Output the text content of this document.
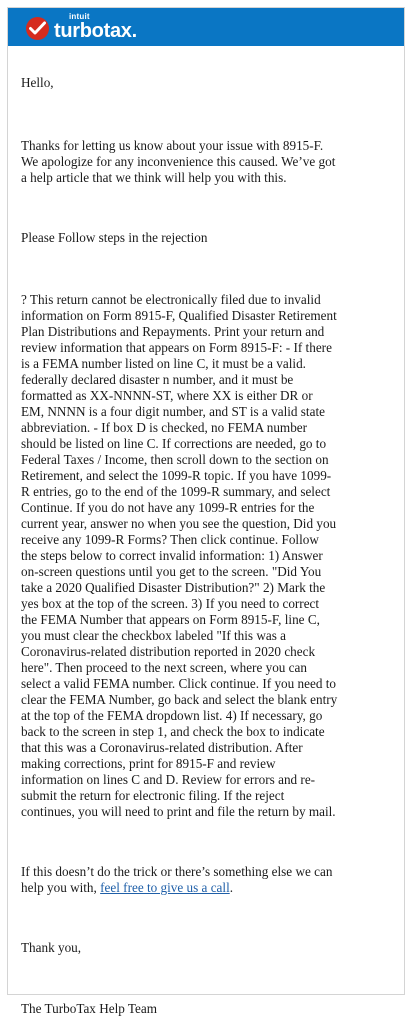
intuit
turbotax.

Hello,

Thanks for letting us know about your issue with 8915-F.
We apologize for any inconvenience this caused. We’ve got
a help article that we think will help you with this.

Please Follow steps in the rejection

? This return cannot be electronically filed due to invalid
information on Form 8915-F, Qualified Disaster Retirement
Plan Distributions and Repayments. Print your return and
review information that appears on Form 8915-F: - If there
is a FEMA number listed on line C, it must be a valid.
federally declared disaster n number, and it must be
formatted as XX-NNNN-ST, where XX is either DR or
EM, NNNN is a four digit number, and ST is a valid state
abbreviation. - If box D is checked, no FEMA number
should be listed on line C. If corrections are needed, go to
Federal Taxes / Income, then scroll down to the section on
Retirement, and select the 1099-R topic. If you have 1099-
R entries, go to the end of the 1099-R summary, and select
Continue. If you do not have any 1099-R entries for the
current year, answer no when you see the question, Did you
receive any 1099-R Forms? Then click continue. Follow
the steps below to correct invalid information: 1) Answer
on-screen questions until you get to the screen. "Did You
take a 2020 Qualified Disaster Distribution?" 2) Mark the
yes box at the top of the screen. 3) If you need to correct
the FEMA Number that appears on Form 8915-F, line C,
you must clear the checkbox labeled "If this was a
Coronavirus-related distribution reported in 2020 check
here". Then proceed to the next screen, where you can
select a valid FEMA number. Click continue. If you need to
clear the FEMA Number, go back and select the blank entry
at the top of the FEMA dropdown list. 4) If necessary, go
back to the screen in step 1, and check the box to indicate
that this was a Coronavirus-related distribution. After
making corrections, print for 8915-F and review
information on lines C and D. Review for errors and re-
submit the return for electronic filing. If the reject
continues, you will need to print and file the return by mail.

If this doesn’t do the trick or there’s something else we can
help you with, feel free to give us a call.

Thank you,

The TurboTax Help Team
